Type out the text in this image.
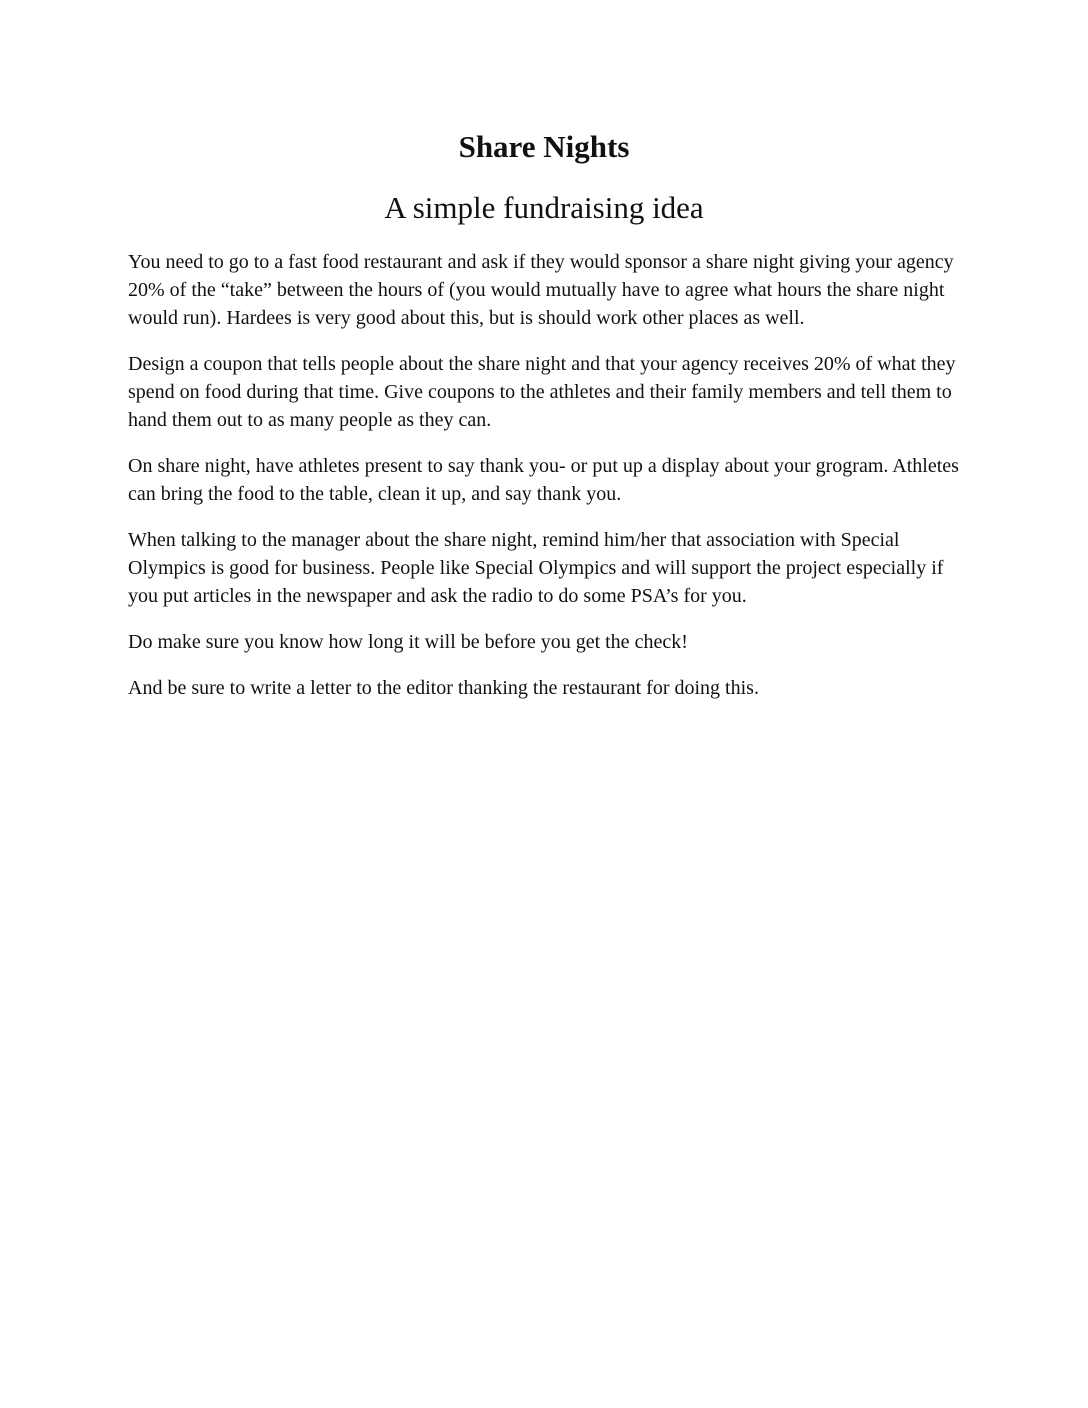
Share Nights
A simple fundraising idea

You need to go to a fast food restaurant and ask if they would sponsor a share night giving your agency 20% of the “take” between the hours of (you would mutually have to agree what hours the share night would run). Hardees is very good about this, but is should work other places as well.

Design a coupon that tells people about the share night and that your agency receives 20% of what they spend on food during that time. Give coupons to the athletes and their family members and tell them to hand them out to as many people as they can.

On share night, have athletes present to say thank you- or put up a display about your grogram. Athletes can bring the food to the table, clean it up, and say thank you.

When talking to the manager about the share night, remind him/her that association with Special Olympics is good for business. People like Special Olympics and will support the project especially if you put articles in the newspaper and ask the radio to do some PSA’s for you.

Do make sure you know how long it will be before you get the check!

And be sure to write a letter to the editor thanking the restaurant for doing this.
